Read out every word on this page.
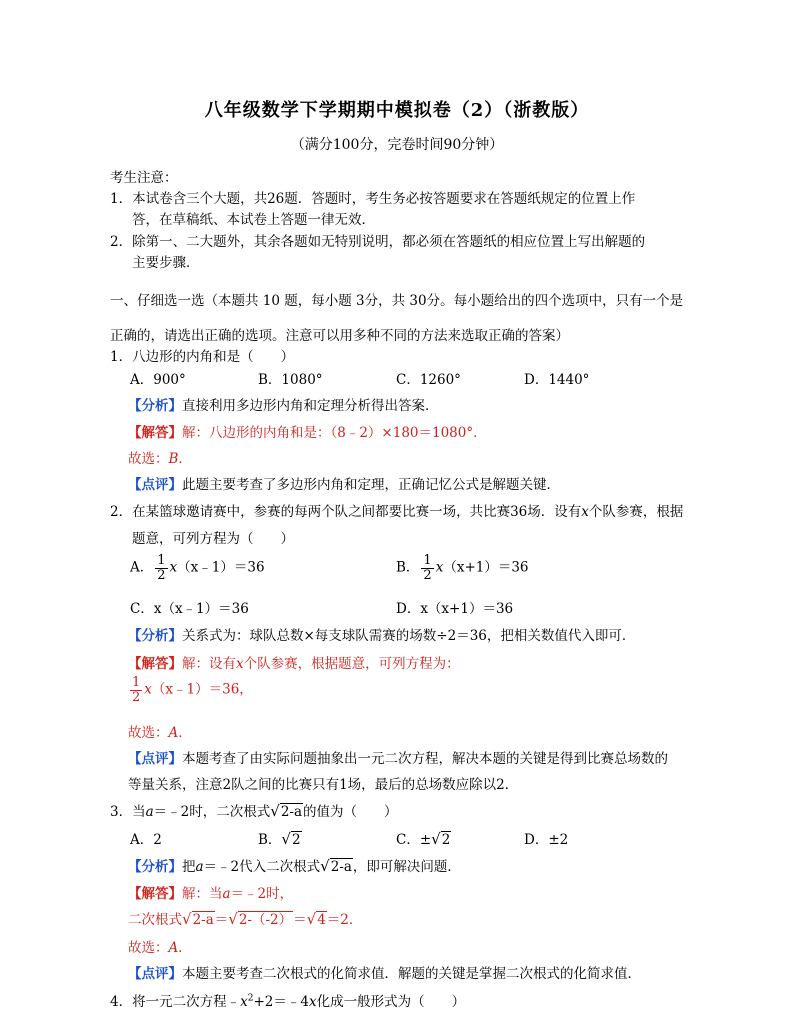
八年级数学下学期期中模拟卷（2）（浙教版）
（满分100分，完卷时间90分钟）
考生注意：
1．本试卷含三个大题，共26题．答题时，考生务必按答题要求在答题纸规定的位置上作
答，在草稿纸、本试卷上答题一律无效．
2．除第一、二大题外，其余各题如无特别说明，都必须在答题纸的相应位置上写出解题的
主要步骤．
一、仔细选一选（本题共 10 题，每小题 3分，共 30分。每小题给出的四个选项中，只有一个是
正确的，请选出正确的选项。注意可以用多种不同的方法来选取正确的答案）
1．八边形的内角和是（　　）
A．900°	B．1080°	C．1260°	D．1440°
【分析】直接利用多边形内角和定理分析得出答案．
【解答】解：八边形的内角和是：（8﹣2）×180＝1080°．
故选：B．
【点评】此题主要考查了多边形内角和定理，正确记忆公式是解题关键．
2．在某篮球邀请赛中，参赛的每两个队之间都要比赛一场，共比赛36场．设有x个队参赛，根据
题意，可列方程为（　　）
A． $\frac{1}{2}$ x（x﹣1）＝36	B． $\frac{1}{2} x(x+1)=36$
C．x（x﹣1）＝36	D．x（x+1）＝36
【分析】关系式为：球队总数×每支球队需赛的场数÷2＝36，把相关数值代入即可．
【解答】解：设有x个队参赛，根据题意，可列方程为：
$\frac{1}{2}$ x（x﹣1）＝36，
故选：A．
【点评】本题考查了由实际问题抽象出一元二次方程，解决本题的关键是得到比赛总场数的
等量关系，注意2队之间的比赛只有1场，最后的总场数应除以2．
3．当a＝﹣2时，二次根式√2-a的值为（　　）
A．2	B．√2	C．±√2	D．±2
【分析】把a＝﹣2代入二次根式√2-a，即可解决问题．
【解答】解：当a＝﹣2时，
二次根式√2-a＝√2-（-2）＝√4＝2．
故选：A．
【点评】本题主要考查二次根式的化简求值．解题的关键是掌握二次根式的化简求值．
4．将一元二次方程$﹣x^2+2=﹣4x$化成一般形式为（　　）
